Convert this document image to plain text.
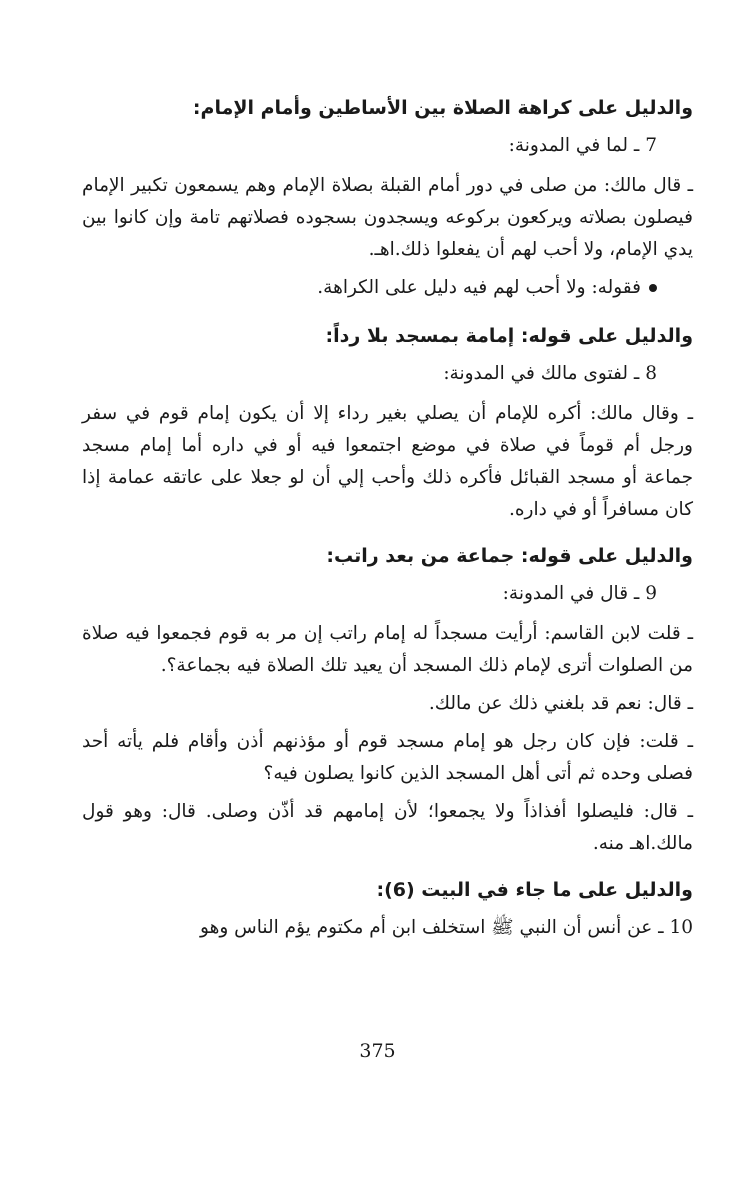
والدليل على كراهة الصلاة بين الأساطين وأمام الإمام:
7 ـ لما في المدونة:
ـ قال مالك: من صلى في دور أمام القبلة بصلاة الإمام وهم يسمعون تكبير الإمام فيصلون بصلاته ويركعون بركوعه ويسجدون بسجوده فصلاتهم تامة وإن كانوا بين يدي الإمام، ولا أحب لهم أن يفعلوا ذلك.اهـ.
فقوله: ولا أحب لهم فيه دليل على الكراهة.
والدليل على قوله: إمامة بمسجد بلا رداً:
8 ـ لفتوى مالك في المدونة:
ـ وقال مالك: أكره للإمام أن يصلي بغير رداء إلا أن يكون إمام قوم في سفر ورجل أم قوماً في صلاة في موضع اجتمعوا فيه أو في داره أما إمام مسجد جماعة أو مسجد القبائل فأكره ذلك وأحب إلي أن لو جعلا على عاتقه عمامة إذا كان مسافراً أو في داره.
والدليل على قوله: جماعة من بعد راتب:
9 ـ قال في المدونة:
ـ قلت لابن القاسم: أرأيت مسجداً له إمام راتب إن مر به قوم فجمعوا فيه صلاة من الصلوات أترى لإمام ذلك المسجد أن يعيد تلك الصلاة فيه بجماعة؟.
ـ قال: نعم قد بلغني ذلك عن مالك.
ـ قلت: فإن كان رجل هو إمام مسجد قوم أو مؤذنهم أذن وأقام فلم يأته أحد فصلى وحده ثم أتى أهل المسجد الذين كانوا يصلون فيه؟
ـ قال: فليصلوا أفذاذاً ولا يجمعوا؛ لأن إمامهم قد أذّن وصلى. قال: وهو قول مالك.اهـ منه.
والدليل على ما جاء في البيت (6):
10 ـ عن أنس أن النبي ﷺ استخلف ابن أم مكتوم يؤم الناس وهو
375
